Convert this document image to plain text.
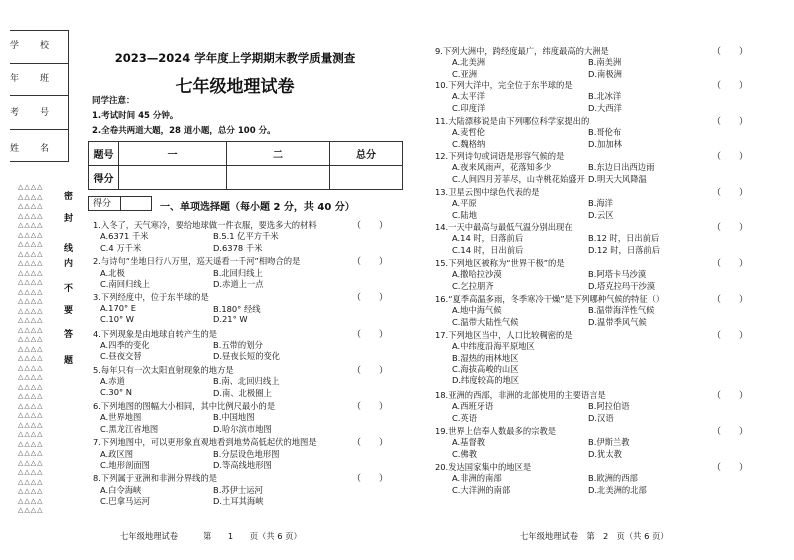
学　校
年　班
考　号
姓　名
△△△△
△△△△
△△△△
△△△△
△△△△
△△△△
△△△△
△△△△
△△△△
△△△△
△△△△
△△△△
△△△△
△△△△
△△△△
△△△△
△△△△
△△△△
△△△△
△△△△
△△△△
△△△△
△△△△
△△△△
△△△△
△△△△
△△△△
△△△△
△△△△
△△△△
△△△△
△△△△
△△△△
△△△△
△△△△
密
封
线
内
不
要
答
题
2023—2024 学年度上学期期末教学质量测查
七年级地理试卷
同学注意：
1.考试时间 45 分钟。
2.全卷共两道大题，28 道小题，总分 100 分。
题号	一	二	总分
得分			
得分	一、单项选择题（每小题 2 分，共 40 分）
1.入冬了，天气寒冷，要给地球做一件衣服，要选多大的材料	（　　）
A.6371 千米	B.5.1 亿平方千米
C.4 万千米	D.6378 千米
2.与诗句“坐地日行八万里，巡天遥看一千河”相吻合的是	（　　）
A.北极	B.北回归线上
C.南回归线上	D.赤道上一点
3.下列经度中，位于东半球的是	（　　）
A.170° E	B.180° 经线
C.10° W	D.21° W
4.下列现象是由地球自转产生的是	（　　）
A.四季的变化	B.五带的划分
C.昼夜交替	D.昼夜长短的变化
5.每年只有一次太阳直射现象的地方是	（　　）
A.赤道	B.南、北回归线上
C.30° N	D.南、北极圈上
6.下列地图的图幅大小相同，其中比例尺最小的是	（　　）
A.世界地图	B.中国地图
C.黑龙江省地图	D.哈尔滨市地图
7.下列地图中，可以更形象直观地看到地势高低起伏的地图是	（　　）
A.政区图	B.分层设色地形图
C.地形剖面图	D.等高线地形图
8.下列属于亚洲和非洲分界线的是	（　　）
A.白令海峡	B.苏伊士运河
C.巴拿马运河	D.土耳其海峡
9.下列大洲中，跨经度最广，纬度最高的大洲是	（　　）
A.北美洲	B.南美洲
C.亚洲	D.南极洲
10.下列大洋中，完全位于东半球的是	（　　）
A.太平洋	B.北冰洋
C.印度洋	D.大西洋
11.大陆漂移说是由下列哪位科学家提出的	（　　）
A.麦哲伦	B.哥伦布
C.魏格纳	D.加加林
12.下列诗句或词语是形容气候的是	（　　）
A.夜来风雨声，花落知多少	B.东边日出西边雨
C.人间四月芳菲尽，山寺桃花始盛开 D.明天大风降温
13.卫星云图中绿色代表的是	（　　）
A.平原	B.海洋
C.陆地	D.云区
14.一天中最高与最低气温分别出现在	（　　）
A.14 时，日落前后	B.12 时，日出前后
C.14 时，日出前后	D.12 时，日落前后
15.下列地区被称为“世界干极”的是	（　　）
A.撒哈拉沙漠	B.阿塔卡马沙漠
C.乞拉朋齐	D.塔克拉玛干沙漠
16.“夏季高温多雨，冬季寒冷干燥”是下列哪种气候的特征（）	（　　）
A.地中海气候	B.温带海洋性气候
C.温带大陆性气候	D.温带季风气候
17.下列地区当中，人口比较稠密的是	（　　）
A.中纬度沿海平原地区
B.湿热的雨林地区
C.海拔高峻的山区
D.纬度较高的地区
18.亚洲的西部，非洲的北部使用的主要语言是	（　　）
A.西班牙语	B.阿拉伯语
C.英语	D.汉语
19.世界上信奉人数最多的宗教是	（　　）
A.基督教	B.伊斯兰教
C.佛教	D.犹太教
20.发达国家集中的地区是	（　　）
A.非洲的南部	B.欧洲的西部
C.大洋洲的南部	D.北美洲的北部
七年级地理试卷　　　第　　1　　页（共 6 页）	七年级地理试卷　第　2　页（共 6 页）
